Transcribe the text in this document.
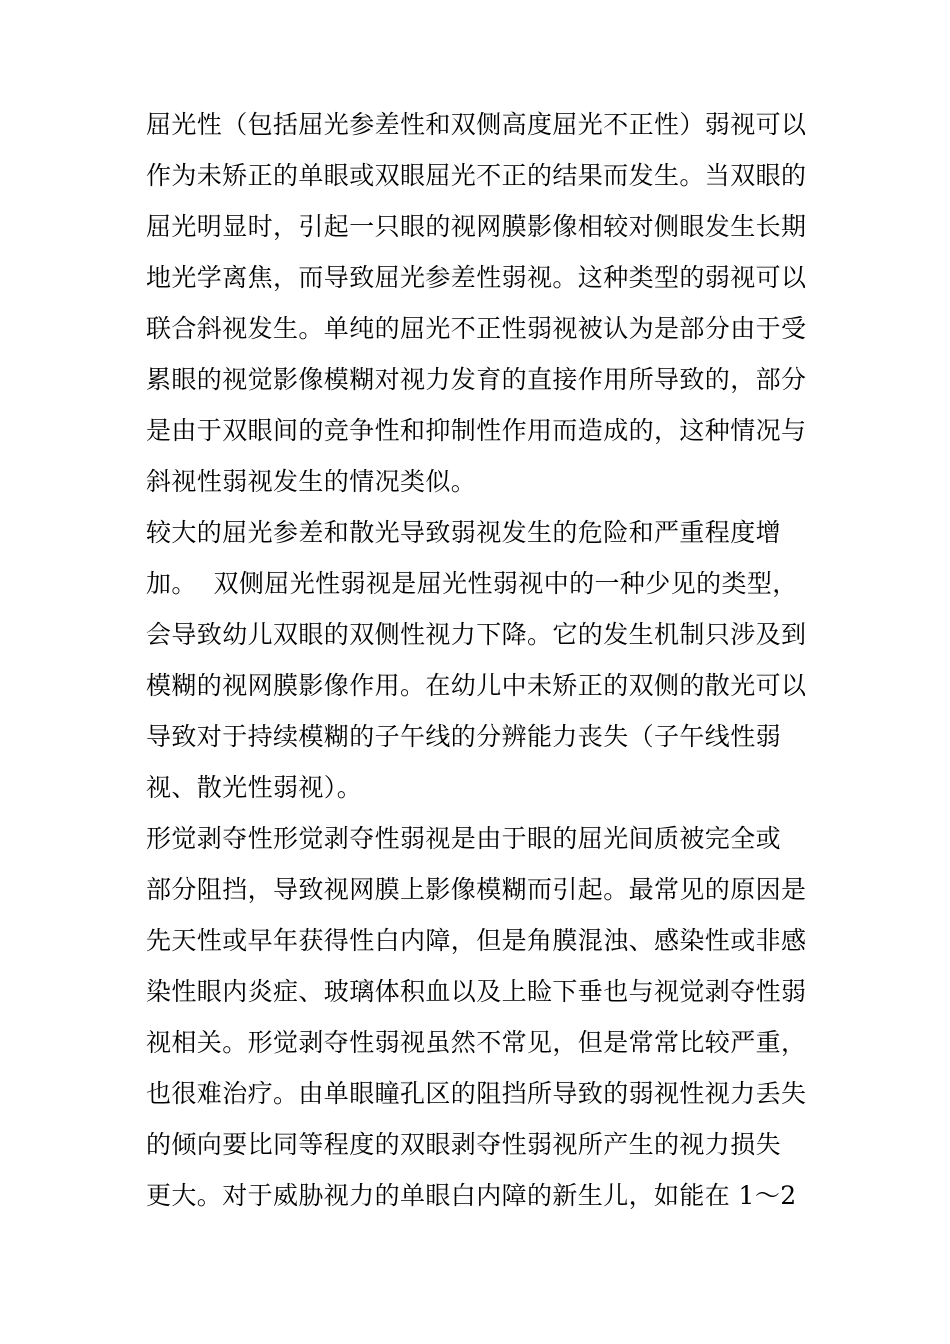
屈光性（包括屈光参差性和双侧高度屈光不正性）弱视可以
作为未矫正的单眼或双眼屈光不正的结果而发生。当双眼的
屈光明显时，引起一只眼的视网膜影像相较对侧眼发生长期
地光学离焦，而导致屈光参差性弱视。这种类型的弱视可以
联合斜视发生。单纯的屈光不正性弱视被认为是部分由于受
累眼的视觉影像模糊对视力发育的直接作用所导致的，部分
是由于双眼间的竞争性和抑制性作用而造成的，这种情况与
斜视性弱视发生的情况类似。
较大的屈光参差和散光导致弱视发生的危险和严重程度增
加。  双侧屈光性弱视是屈光性弱视中的一种少见的类型，
会导致幼儿双眼的双侧性视力下降。它的发生机制只涉及到
模糊的视网膜影像作用。在幼儿中未矫正的双侧的散光可以
导致对于持续模糊的子午线的分辨能力丧失（子午线性弱
视、散光性弱视）。
形觉剥夺性形觉剥夺性弱视是由于眼的屈光间质被完全或
部分阻挡，导致视网膜上影像模糊而引起。最常见的原因是
先天性或早年获得性白内障，但是角膜混浊、感染性或非感
染性眼内炎症、玻璃体积血以及上睑下垂也与视觉剥夺性弱
视相关。形觉剥夺性弱视虽然不常见，但是常常比较严重，
也很难治疗。由单眼瞳孔区的阻挡所导致的弱视性视力丢失
的倾向要比同等程度的双眼剥夺性弱视所产生的视力损失
更大。对于威胁视力的单眼白内障的新生儿，如能在 1～2
